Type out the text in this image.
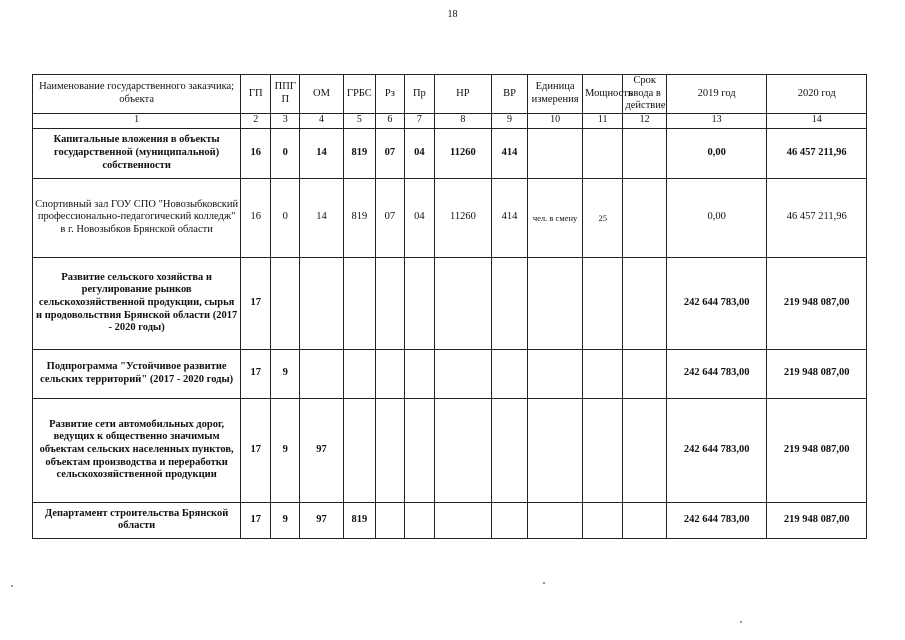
18
Наименование государственного заказчика; объекта	ГП	ППГ П	ОМ	ГРБС	Рз	Пр	НР	ВР	Единица измерения	Мощность	Срок ввода в действие	2019 год	2020 год
1	2	3	4	5	6	7	8	9	10	11	12	13	14
Капитальные вложения в объекты государственной (муниципальной) собственности	16	0	14	819	07	04	11260	414				0,00	46 457 211,96
Спортивный зал ГОУ СПО "Новозыбковский профессионально-педагогический колледж" в г. Новозыбков Брянской области	16	0	14	819	07	04	11260	414	чел. в смену	25		0,00	46 457 211,96
Развитие сельского хозяйства и регулирование рынков сельскохозяйственной продукции, сырья и продовольствия Брянской области (2017 - 2020 годы)	17											242 644 783,00	219 948 087,00
Подпрограмма "Устойчивое развитие сельских территорий" (2017 - 2020 годы)	17	9										242 644 783,00	219 948 087,00
Развитие сети автомобильных дорог, ведущих к общественно значимым объектам сельских населенных пунктов, объектам производства и переработки сельскохозяйственной продукции	17	9	97									242 644 783,00	219 948 087,00
Департамент строительства Брянской области	17	9	97	819								242 644 783,00	219 948 087,00
